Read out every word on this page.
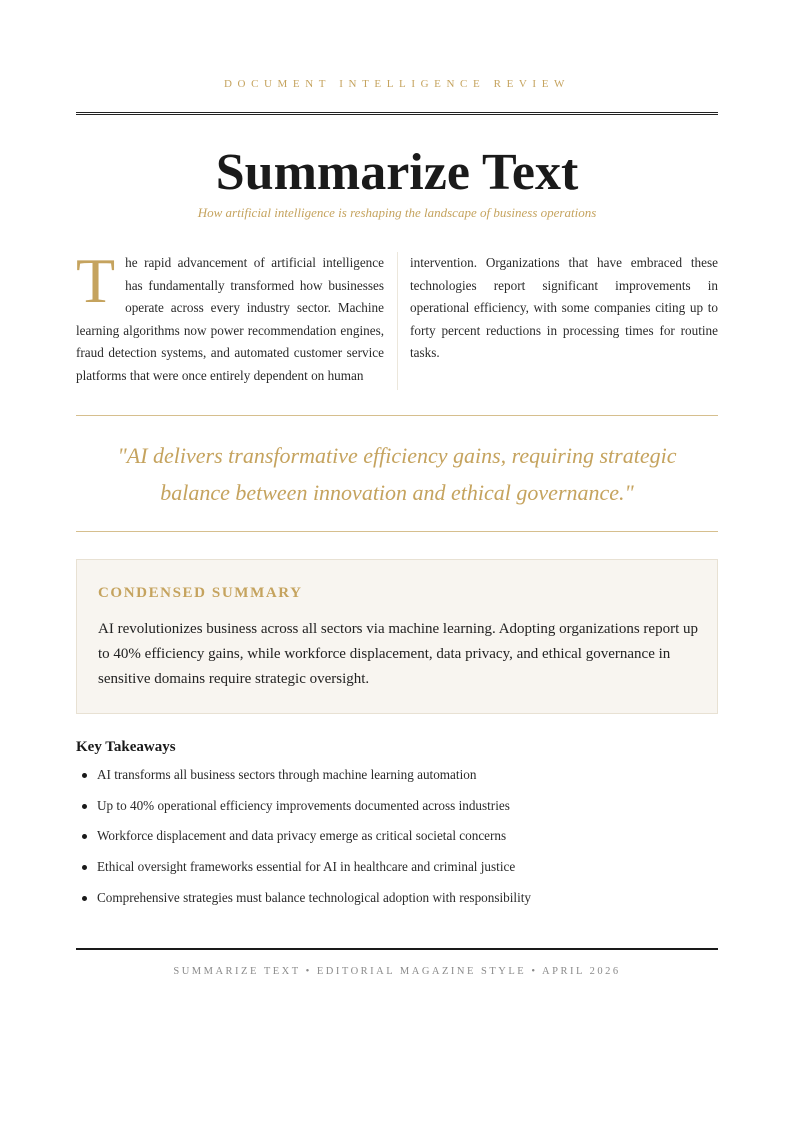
DOCUMENT INTELLIGENCE REVIEW
Summarize Text
How artificial intelligence is reshaping the landscape of business operations
The rapid advancement of artificial intelligence has fundamentally transformed how businesses operate across every industry sector. Machine learning algorithms now power recommendation engines, fraud detection systems, and automated customer service platforms that were once entirely dependent on human
intervention. Organizations that have embraced these technologies report significant improvements in operational efficiency, with some companies citing up to forty percent reductions in processing times for routine tasks.
"AI delivers transformative efficiency gains, requiring strategic balance between innovation and ethical governance."
CONDENSED SUMMARY
AI revolutionizes business across all sectors via machine learning. Adopting organizations report up to 40% efficiency gains, while workforce displacement, data privacy, and ethical governance in sensitive domains require strategic oversight.
Key Takeaways
AI transforms all business sectors through machine learning automation
Up to 40% operational efficiency improvements documented across industries
Workforce displacement and data privacy emerge as critical societal concerns
Ethical oversight frameworks essential for AI in healthcare and criminal justice
Comprehensive strategies must balance technological adoption with responsibility
SUMMARIZE TEXT • EDITORIAL MAGAZINE STYLE • APRIL 2026
